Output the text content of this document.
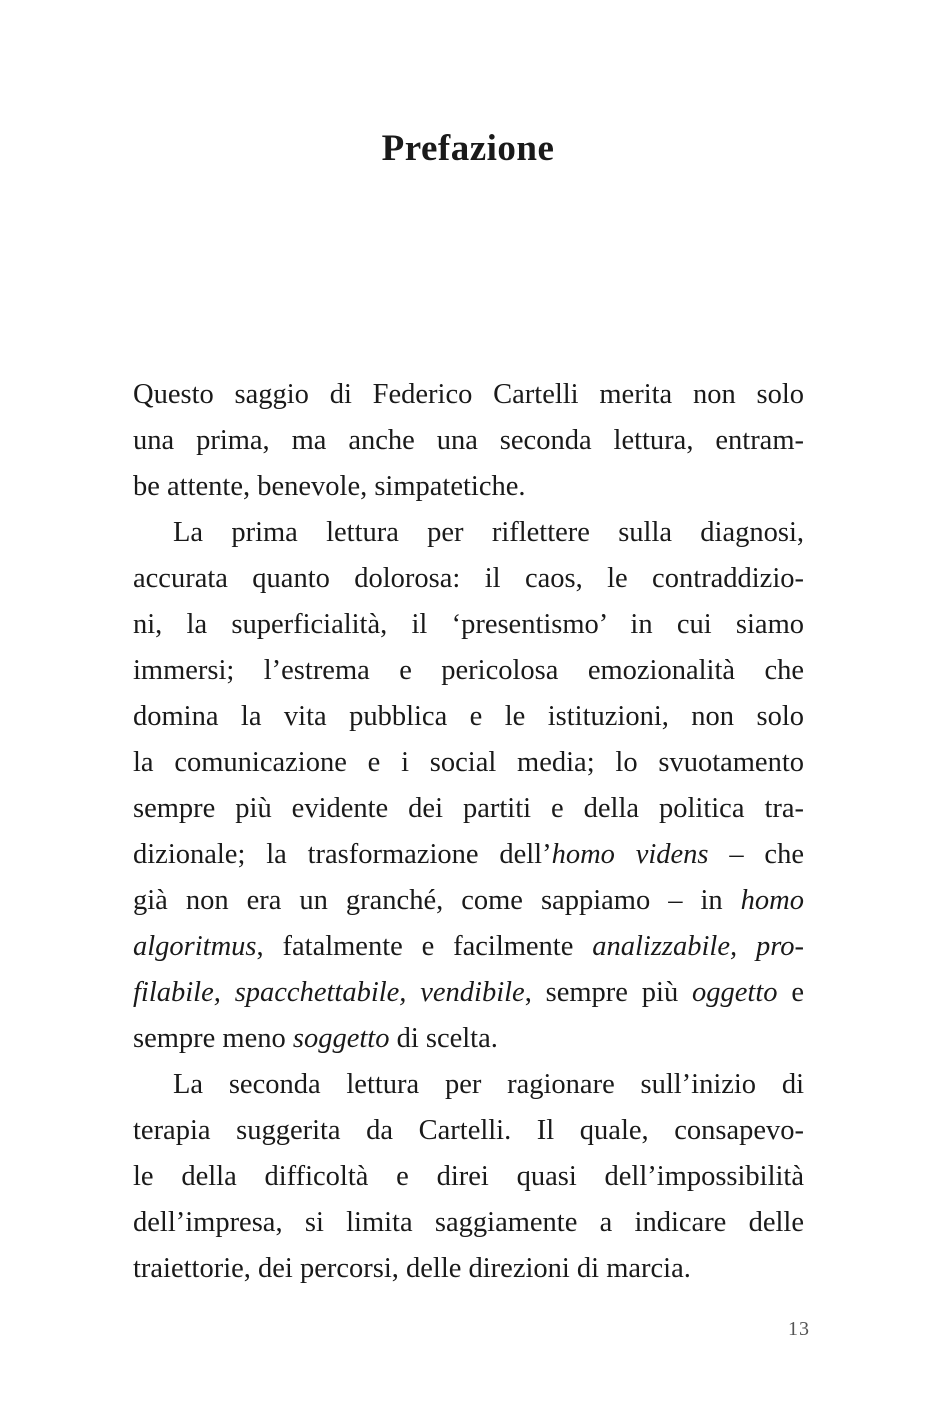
Prefazione
Questo saggio di Federico Cartelli merita non solo
una prima, ma anche una seconda lettura, entram-
be attente, benevole, simpatetiche.
La prima lettura per riflettere sulla diagnosi,
accurata quanto dolorosa: il caos, le contraddizio-
ni, la superficialità, il ‘presentismo’ in cui siamo
immersi; l’estrema e pericolosa emozionalità che
domina la vita pubblica e le istituzioni, non solo
la comunicazione e i social media; lo svuotamento
sempre più evidente dei partiti e della politica tra-
dizionale; la trasformazione dell’homo videns – che
già non era un granché, come sappiamo – in homo
algoritmus, fatalmente e facilmente analizzabile, pro-
filabile, spacchettabile, vendibile, sempre più oggetto e
sempre meno soggetto di scelta.
La seconda lettura per ragionare sull’inizio di
terapia suggerita da Cartelli. Il quale, consapevo-
le della difficoltà e direi quasi dell’impossibilità
dell’impresa, si limita saggiamente a indicare delle
traiettorie, dei percorsi, delle direzioni di marcia.
13
